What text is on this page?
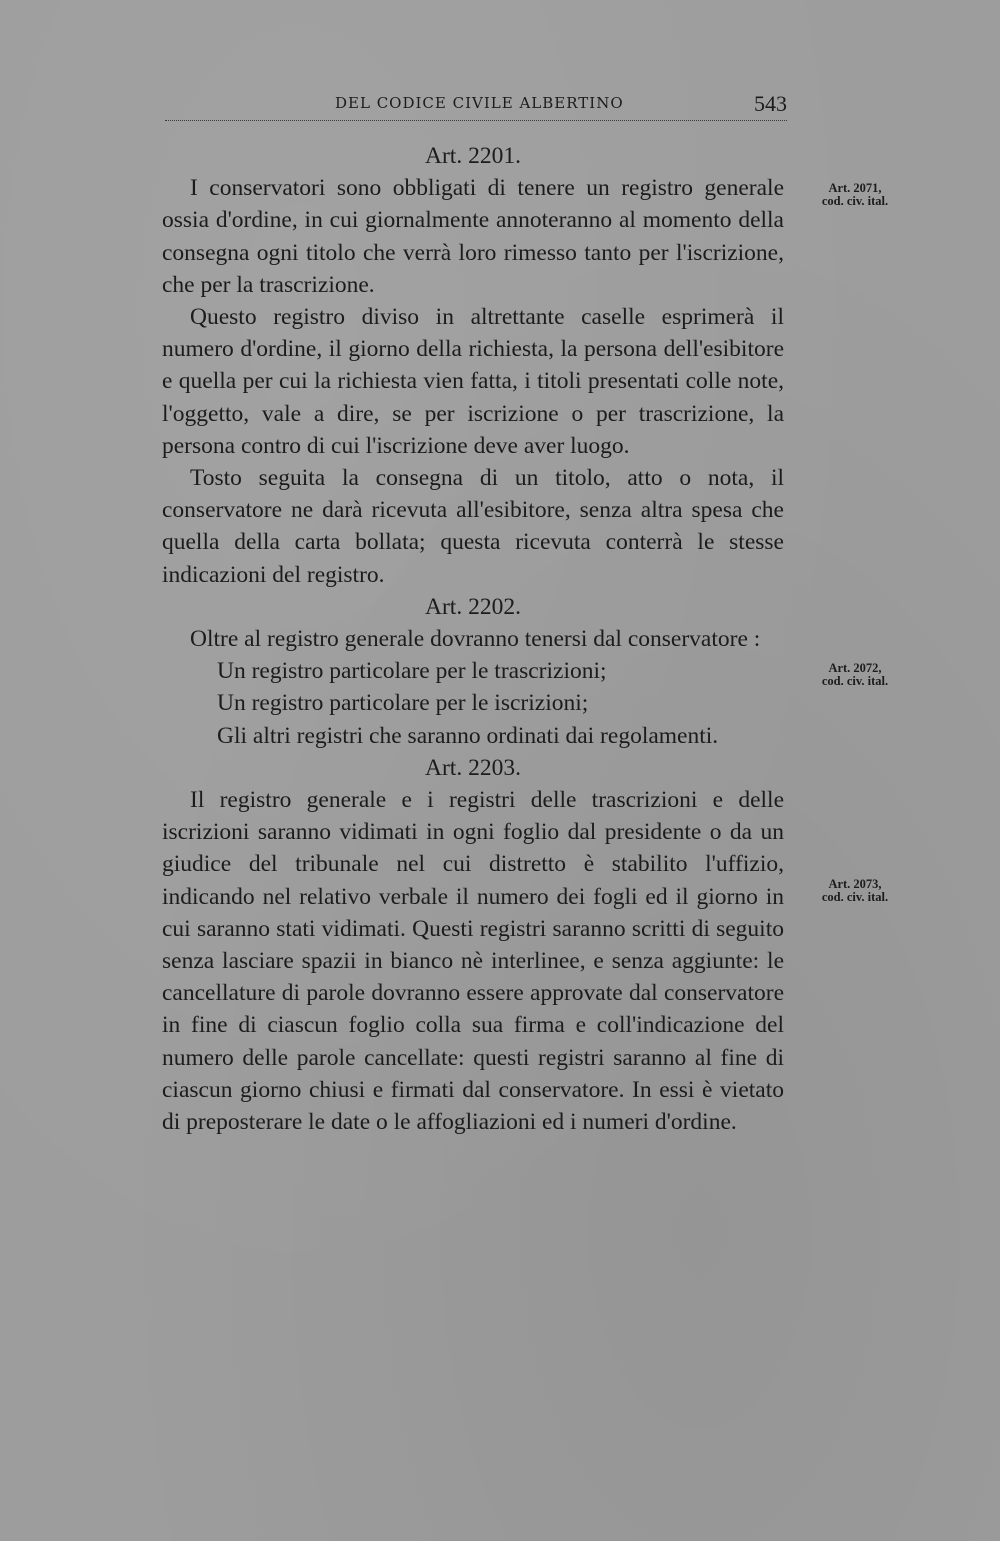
DEL CODICE CIVILE ALBERTINO	543

Art. 2201.

I conservatori sono obbligati di tenere un registro generale ossia d'ordine, in cui giornalmente annoteranno al momento della consegna ogni titolo che verrà loro rimesso tanto per l'iscrizione, che per la trascrizione.

Questo registro diviso in altrettante caselle esprimerà il numero d'ordine, il giorno della richiesta, la persona dell'esibitore e quella per cui la richiesta vien fatta, i titoli presentati colle note, l'oggetto, vale a dire, se per iscrizione o per trascrizione, la persona contro di cui l'iscrizione deve aver luogo.

Tosto seguita la consegna di un titolo, atto o nota, il conservatore ne darà ricevuta all'esibitore, senza altra spesa che quella della carta bollata; questa ricevuta conterrà le stesse indicazioni del registro.

Art. 2202.

Oltre al registro generale dovranno tenersi dal conservatore :

Un registro particolare per le trascrizioni;

Un registro particolare per le iscrizioni;

Gli altri registri che saranno ordinati dai regolamenti.

Art. 2203.

Il registro generale e i registri delle trascrizioni e delle iscrizioni saranno vidimati in ogni foglio dal presidente o da un giudice del tribunale nel cui distretto è stabilito l'uffizio, indicando nel relativo verbale il numero dei fogli ed il giorno in cui saranno stati vidimati. Questi registri saranno scritti di seguito senza lasciare spazii in bianco nè interlinee, e senza aggiunte: le cancellature di parole dovranno essere approvate dal conservatore in fine di ciascun foglio colla sua firma e coll'indicazione del numero delle parole cancellate: questi registri saranno al fine di ciascun giorno chiusi e firmati dal conservatore. In essi è vietato di preposterare le date o le affogliazioni ed i numeri d'ordine.

Art. 2071,
cod. civ. ital.
Art. 2072,
cod. civ. ital.
Art. 2073,
cod. civ. ital.
